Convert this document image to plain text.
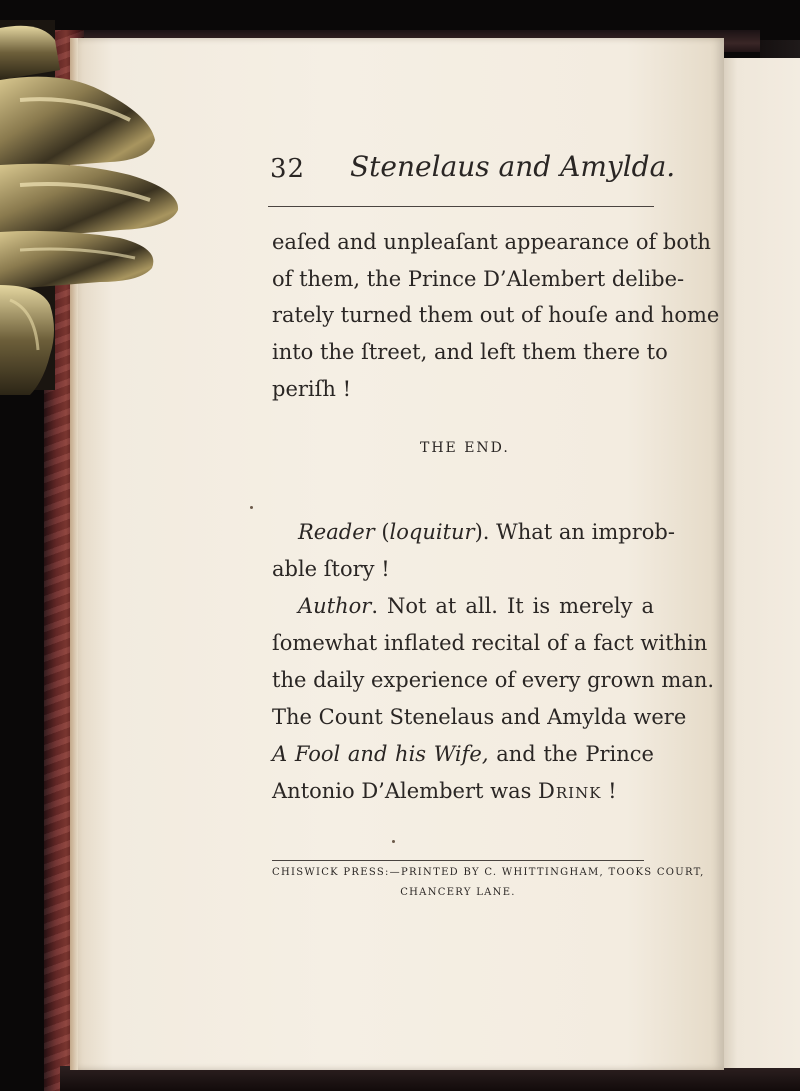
32 Stenelaus and Amylda.
eaſed and unpleaſant appearance of both
of them, the Prince D’Alembert delibe-
rately turned them out of houſe and home
into the ſtreet, and left them there to
periſh !
THE END.
Reader (loquitur). What an improb-
able ſtory !
Author. Not at all. It is merely a
ſomewhat inflated recital of a fact within
the daily experience of every grown man.
The Count Stenelaus and Amylda were
A Fool and his Wife, and the Prince
Antonio D’Alembert was Drink !
CHISWICK PRESS:—PRINTED BY C. WHITTINGHAM, TOOKS COURT,
CHANCERY LANE.
